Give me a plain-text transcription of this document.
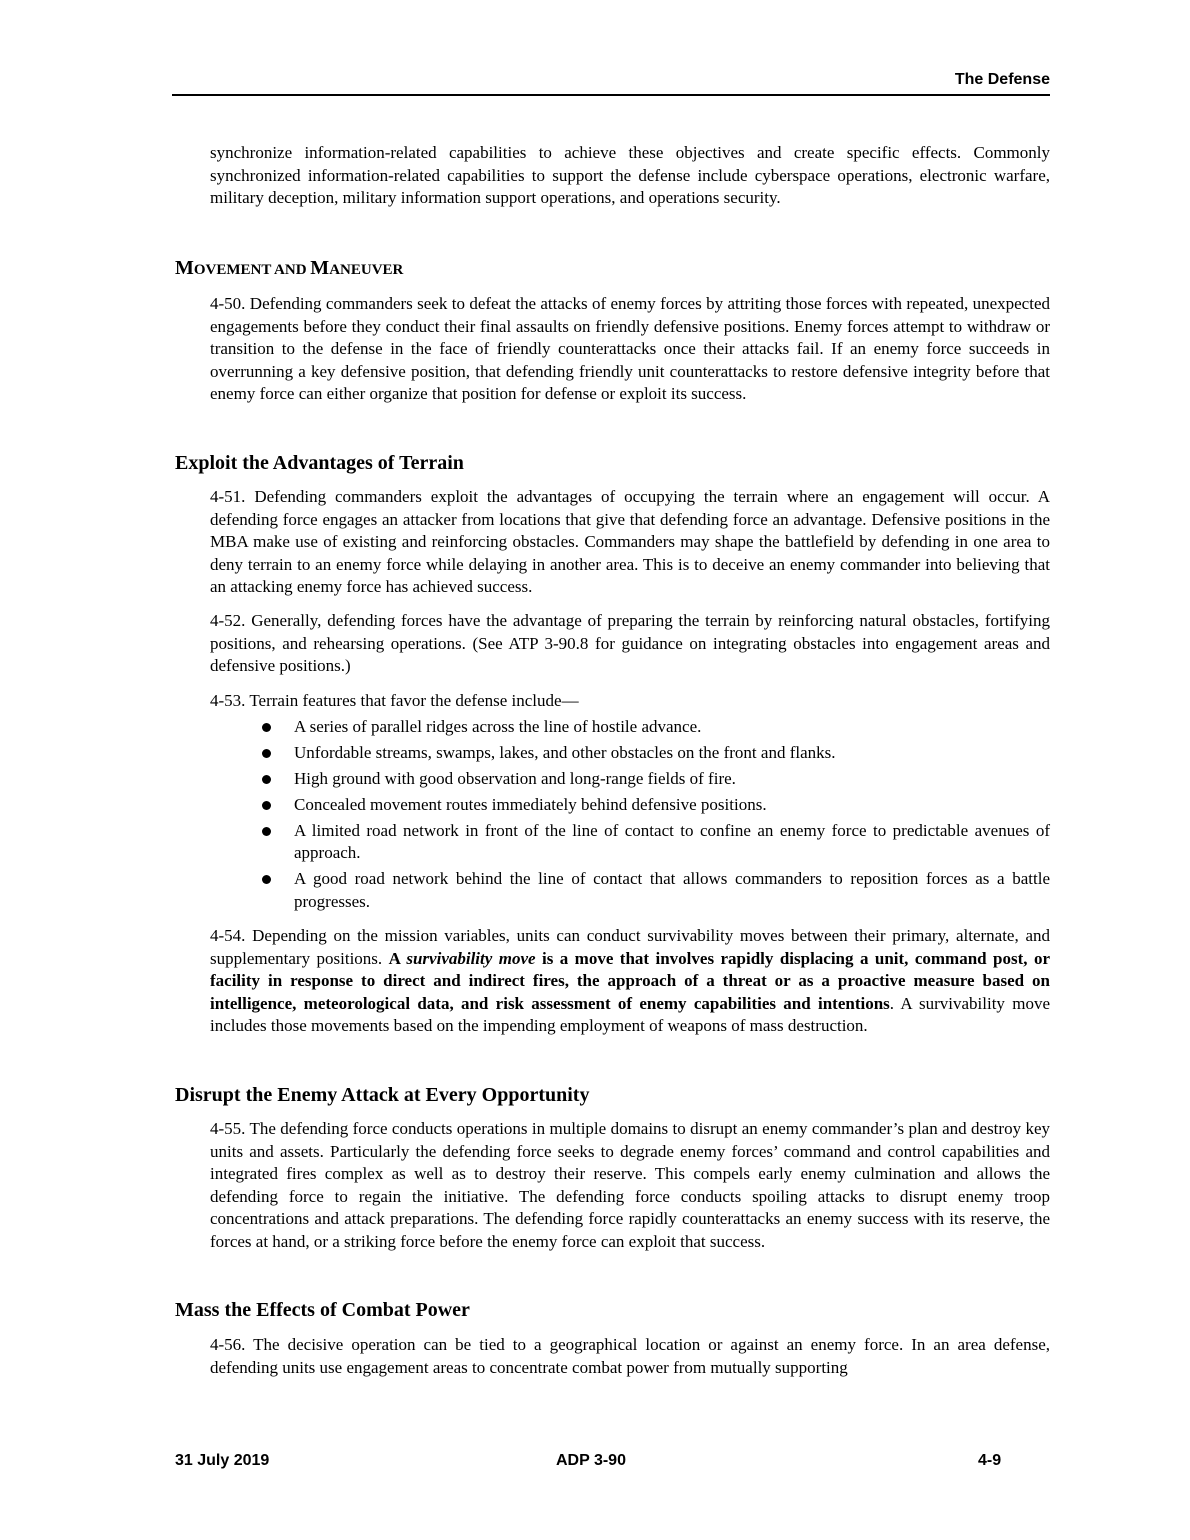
The Defense

synchronize information-related capabilities to achieve these objectives and create specific effects. Commonly synchronized information-related capabilities to support the defense include cyberspace operations, electronic warfare, military deception, military information support operations, and operations security.

MOVEMENT AND MANEUVER

4-50. Defending commanders seek to defeat the attacks of enemy forces by attriting those forces with repeated, unexpected engagements before they conduct their final assaults on friendly defensive positions. Enemy forces attempt to withdraw or transition to the defense in the face of friendly counterattacks once their attacks fail. If an enemy force succeeds in overrunning a key defensive position, that defending friendly unit counterattacks to restore defensive integrity before that enemy force can either organize that position for defense or exploit its success.

Exploit the Advantages of Terrain

4-51. Defending commanders exploit the advantages of occupying the terrain where an engagement will occur. A defending force engages an attacker from locations that give that defending force an advantage. Defensive positions in the MBA make use of existing and reinforcing obstacles. Commanders may shape the battlefield by defending in one area to deny terrain to an enemy force while delaying in another area. This is to deceive an enemy commander into believing that an attacking enemy force has achieved success.

4-52. Generally, defending forces have the advantage of preparing the terrain by reinforcing natural obstacles, fortifying positions, and rehearsing operations. (See ATP 3-90.8 for guidance on integrating obstacles into engagement areas and defensive positions.)

4-53. Terrain features that favor the defense include—

A series of parallel ridges across the line of hostile advance.
Unfordable streams, swamps, lakes, and other obstacles on the front and flanks.
High ground with good observation and long-range fields of fire.
Concealed movement routes immediately behind defensive positions.
A limited road network in front of the line of contact to confine an enemy force to predictable avenues of approach.
A good road network behind the line of contact that allows commanders to reposition forces as a battle progresses.

4-54. Depending on the mission variables, units can conduct survivability moves between their primary, alternate, and supplementary positions. A survivability move is a move that involves rapidly displacing a unit, command post, or facility in response to direct and indirect fires, the approach of a threat or as a proactive measure based on intelligence, meteorological data, and risk assessment of enemy capabilities and intentions. A survivability move includes those movements based on the impending employment of weapons of mass destruction.

Disrupt the Enemy Attack at Every Opportunity

4-55. The defending force conducts operations in multiple domains to disrupt an enemy commander’s plan and destroy key units and assets. Particularly the defending force seeks to degrade enemy forces’ command and control capabilities and integrated fires complex as well as to destroy their reserve. This compels early enemy culmination and allows the defending force to regain the initiative. The defending force conducts spoiling attacks to disrupt enemy troop concentrations and attack preparations. The defending force rapidly counterattacks an enemy success with its reserve, the forces at hand, or a striking force before the enemy force can exploit that success.

Mass the Effects of Combat Power

4-56. The decisive operation can be tied to a geographical location or against an enemy force. In an area defense, defending units use engagement areas to concentrate combat power from mutually supporting

31 July 2019	ADP 3-90	4-9
